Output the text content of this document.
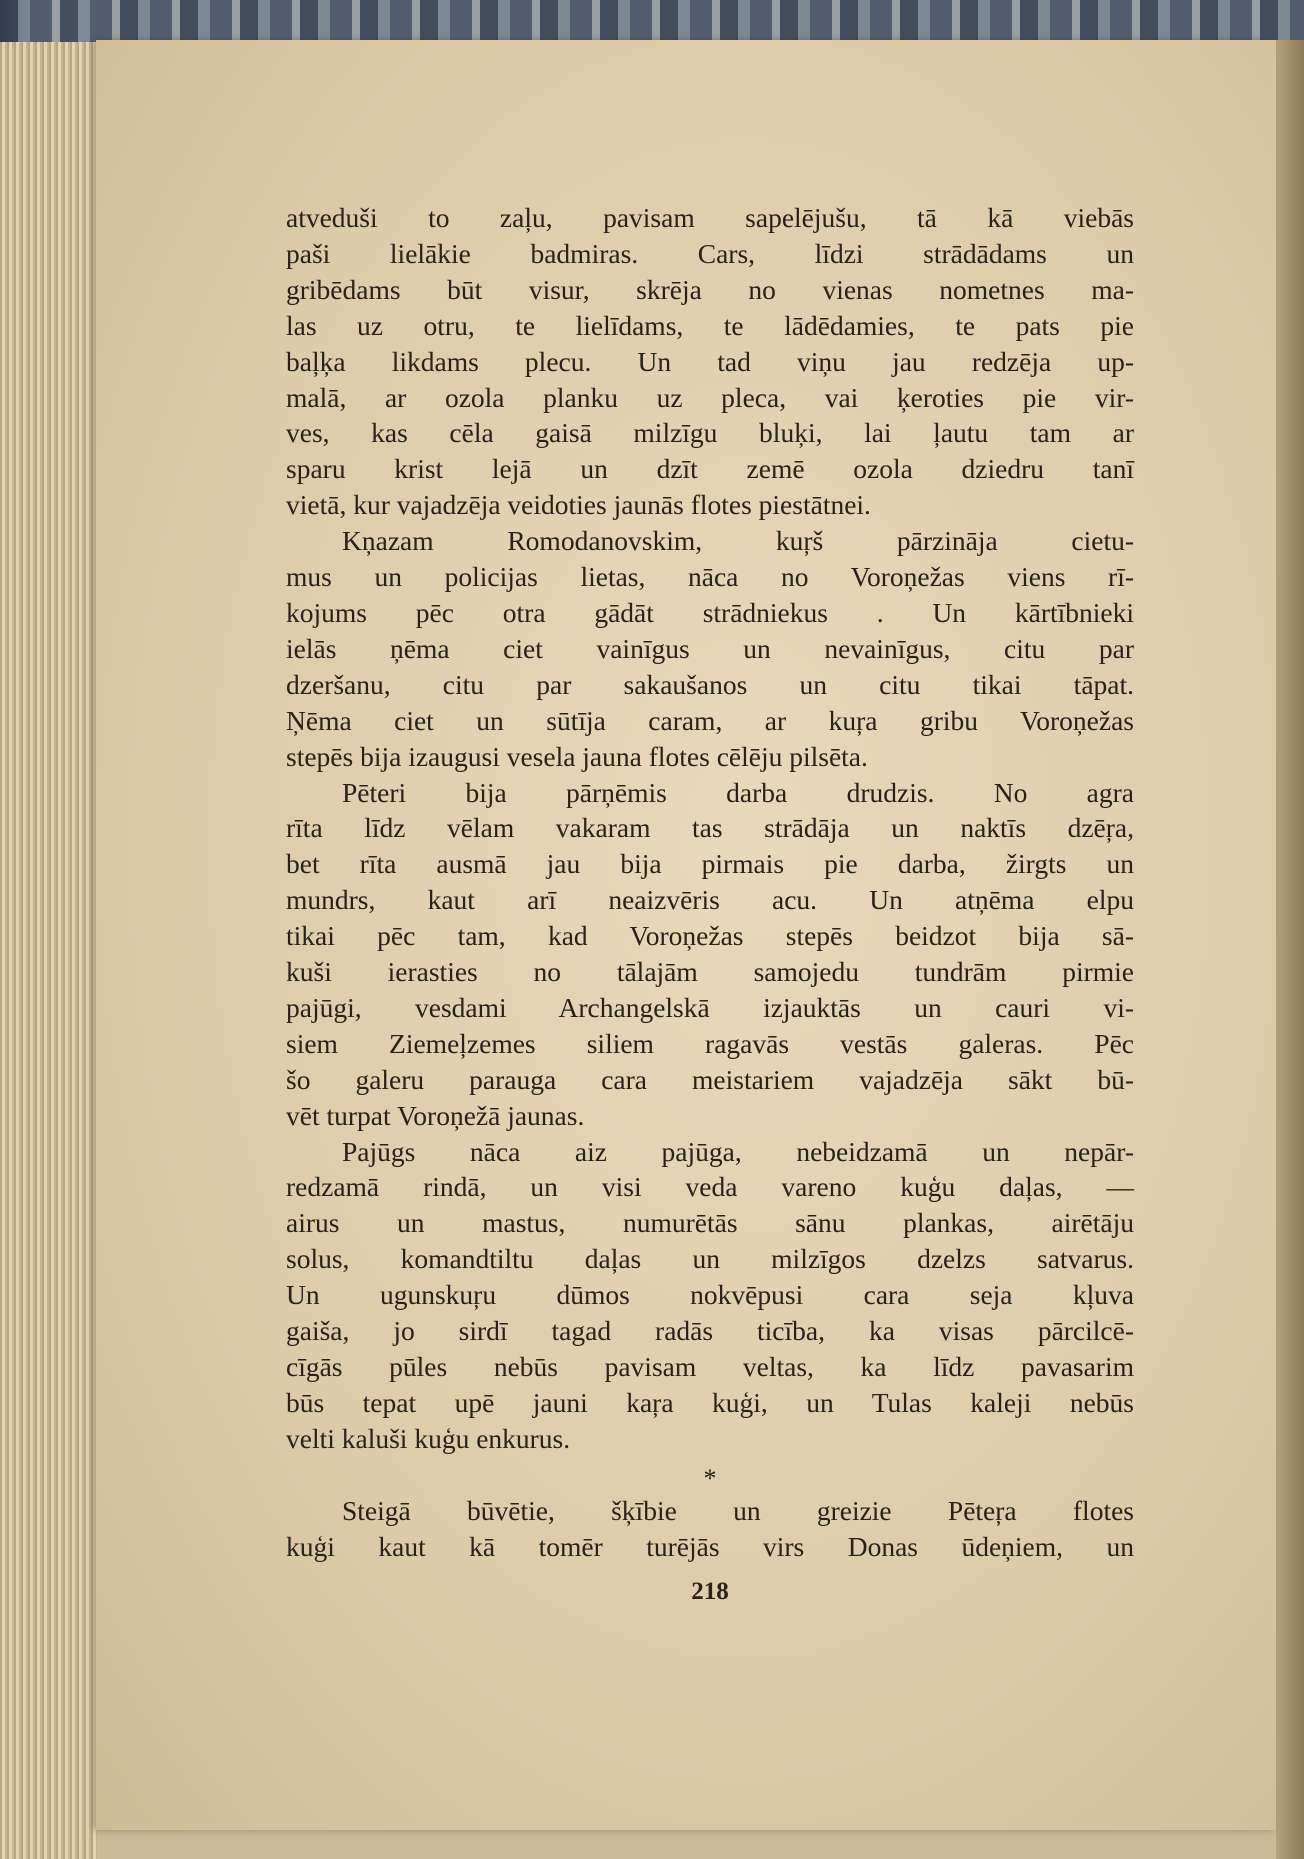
atveduši to zaļu, pavisam sapelējušu, tā kā viebās
paši lielākie badmiras. Cars, līdzi strādādams un
gribēdams būt visur, skrēja no vienas nometnes ma-
las uz otru, te lielīdams, te lādēdamies, te pats pie
baļķa likdams plecu. Un tad viņu jau redzēja up-
malā, ar ozola planku uz pleca, vai ķeroties pie vir-
ves, kas cēla gaisā milzīgu bluķi, lai ļautu tam ar
sparu krist lejā un dzīt zemē ozola dziedru tanī
vietā, kur vajadzēja veidoties jaunās flotes piestātnei.
Kņazam Romodanovskim, kuŗš pārzināja cietu-
mus un policijas lietas, nāca no Voroņežas viens rī-
kojums pēc otra gādāt strādniekus . Un kārtībnieki
ielās ņēma ciet vainīgus un nevainīgus, citu par
dzeršanu, citu par sakaušanos un citu tikai tāpat.
Ņēma ciet un sūtīja caram, ar kuŗa gribu Voroņežas
stepēs bija izaugusi vesela jauna flotes cēlēju pilsēta.
Pēteri bija pārņēmis darba drudzis. No agra
rīta līdz vēlam vakaram tas strādāja un naktīs dzēŗa,
bet rīta ausmā jau bija pirmais pie darba, žirgts un
mundrs, kaut arī neaizvēris acu. Un atņēma elpu
tikai pēc tam, kad Voroņežas stepēs beidzot bija sā-
kuši ierasties no tālajām samojedu tundrām pirmie
pajūgi, vesdami Archangelskā izjauktās un cauri vi-
siem Ziemeļzemes siliem ragavās vestās galeras. Pēc
šo galeru parauga cara meistariem vajadzēja sākt bū-
vēt turpat Voroņežā jaunas.
Pajūgs nāca aiz pajūga, nebeidzamā un nepār-
redzamā rindā, un visi veda vareno kuģu daļas, —
airus un mastus, numurētās sānu plankas, airētāju
solus, komandtiltu daļas un milzīgos dzelzs satvarus.
Un ugunskuŗu dūmos nokvēpusi cara seja kļuva
gaiša, jo sirdī tagad radās ticība, ka visas pārcilcē-
cīgās pūles nebūs pavisam veltas, ka līdz pavasarim
būs tepat upē jauni kaŗa kuģi, un Tulas kaleji nebūs
velti kaluši kuģu enkurus.
*
Steigā būvētie, šķībie un greizie Pēteŗa flotes
kuģi kaut kā tomēr turējās virs Donas ūdeņiem, un
218
